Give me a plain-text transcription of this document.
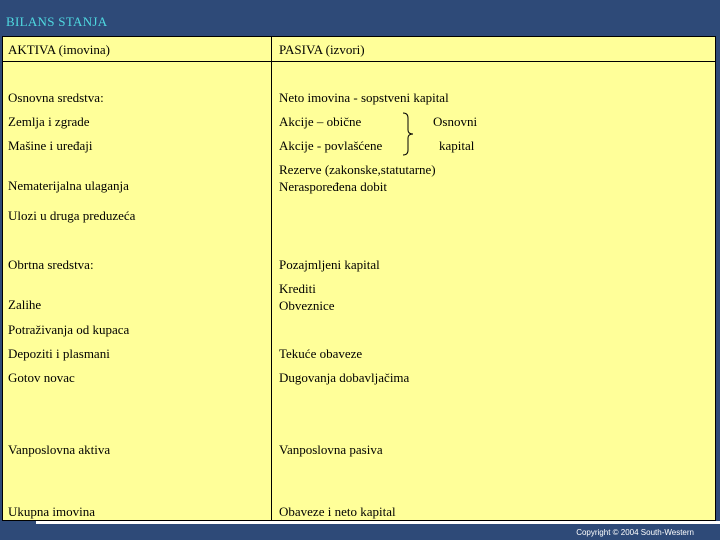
BILANS STANJA
AKTIVA (imovina)	PASIVA (izvori)
Osnovna sredstva:
Zemlja i zgrade
Mašine i uređaji
Nematerijalna ulaganja
Ulozi u druga preduzeća
Obrtna sredstva:
Zalihe
Potraživanja od kupaca
Depoziti i plasmani
Gotov novac
Vanposlovna aktiva
Ukupna imovina
Neto imovina - sopstveni kapital
Akcije – obične
Akcije - povlašćene
Osnovni
kapital
Rezerve (zakonske,statutarne)
Neraspoređena dobit
Pozajmljeni kapital
Krediti
Obveznice
Tekuće obaveze
Dugovanja dobavljačima
Vanposlovna pasiva
Obaveze i neto kapital
Copyright © 2004 South-Western
